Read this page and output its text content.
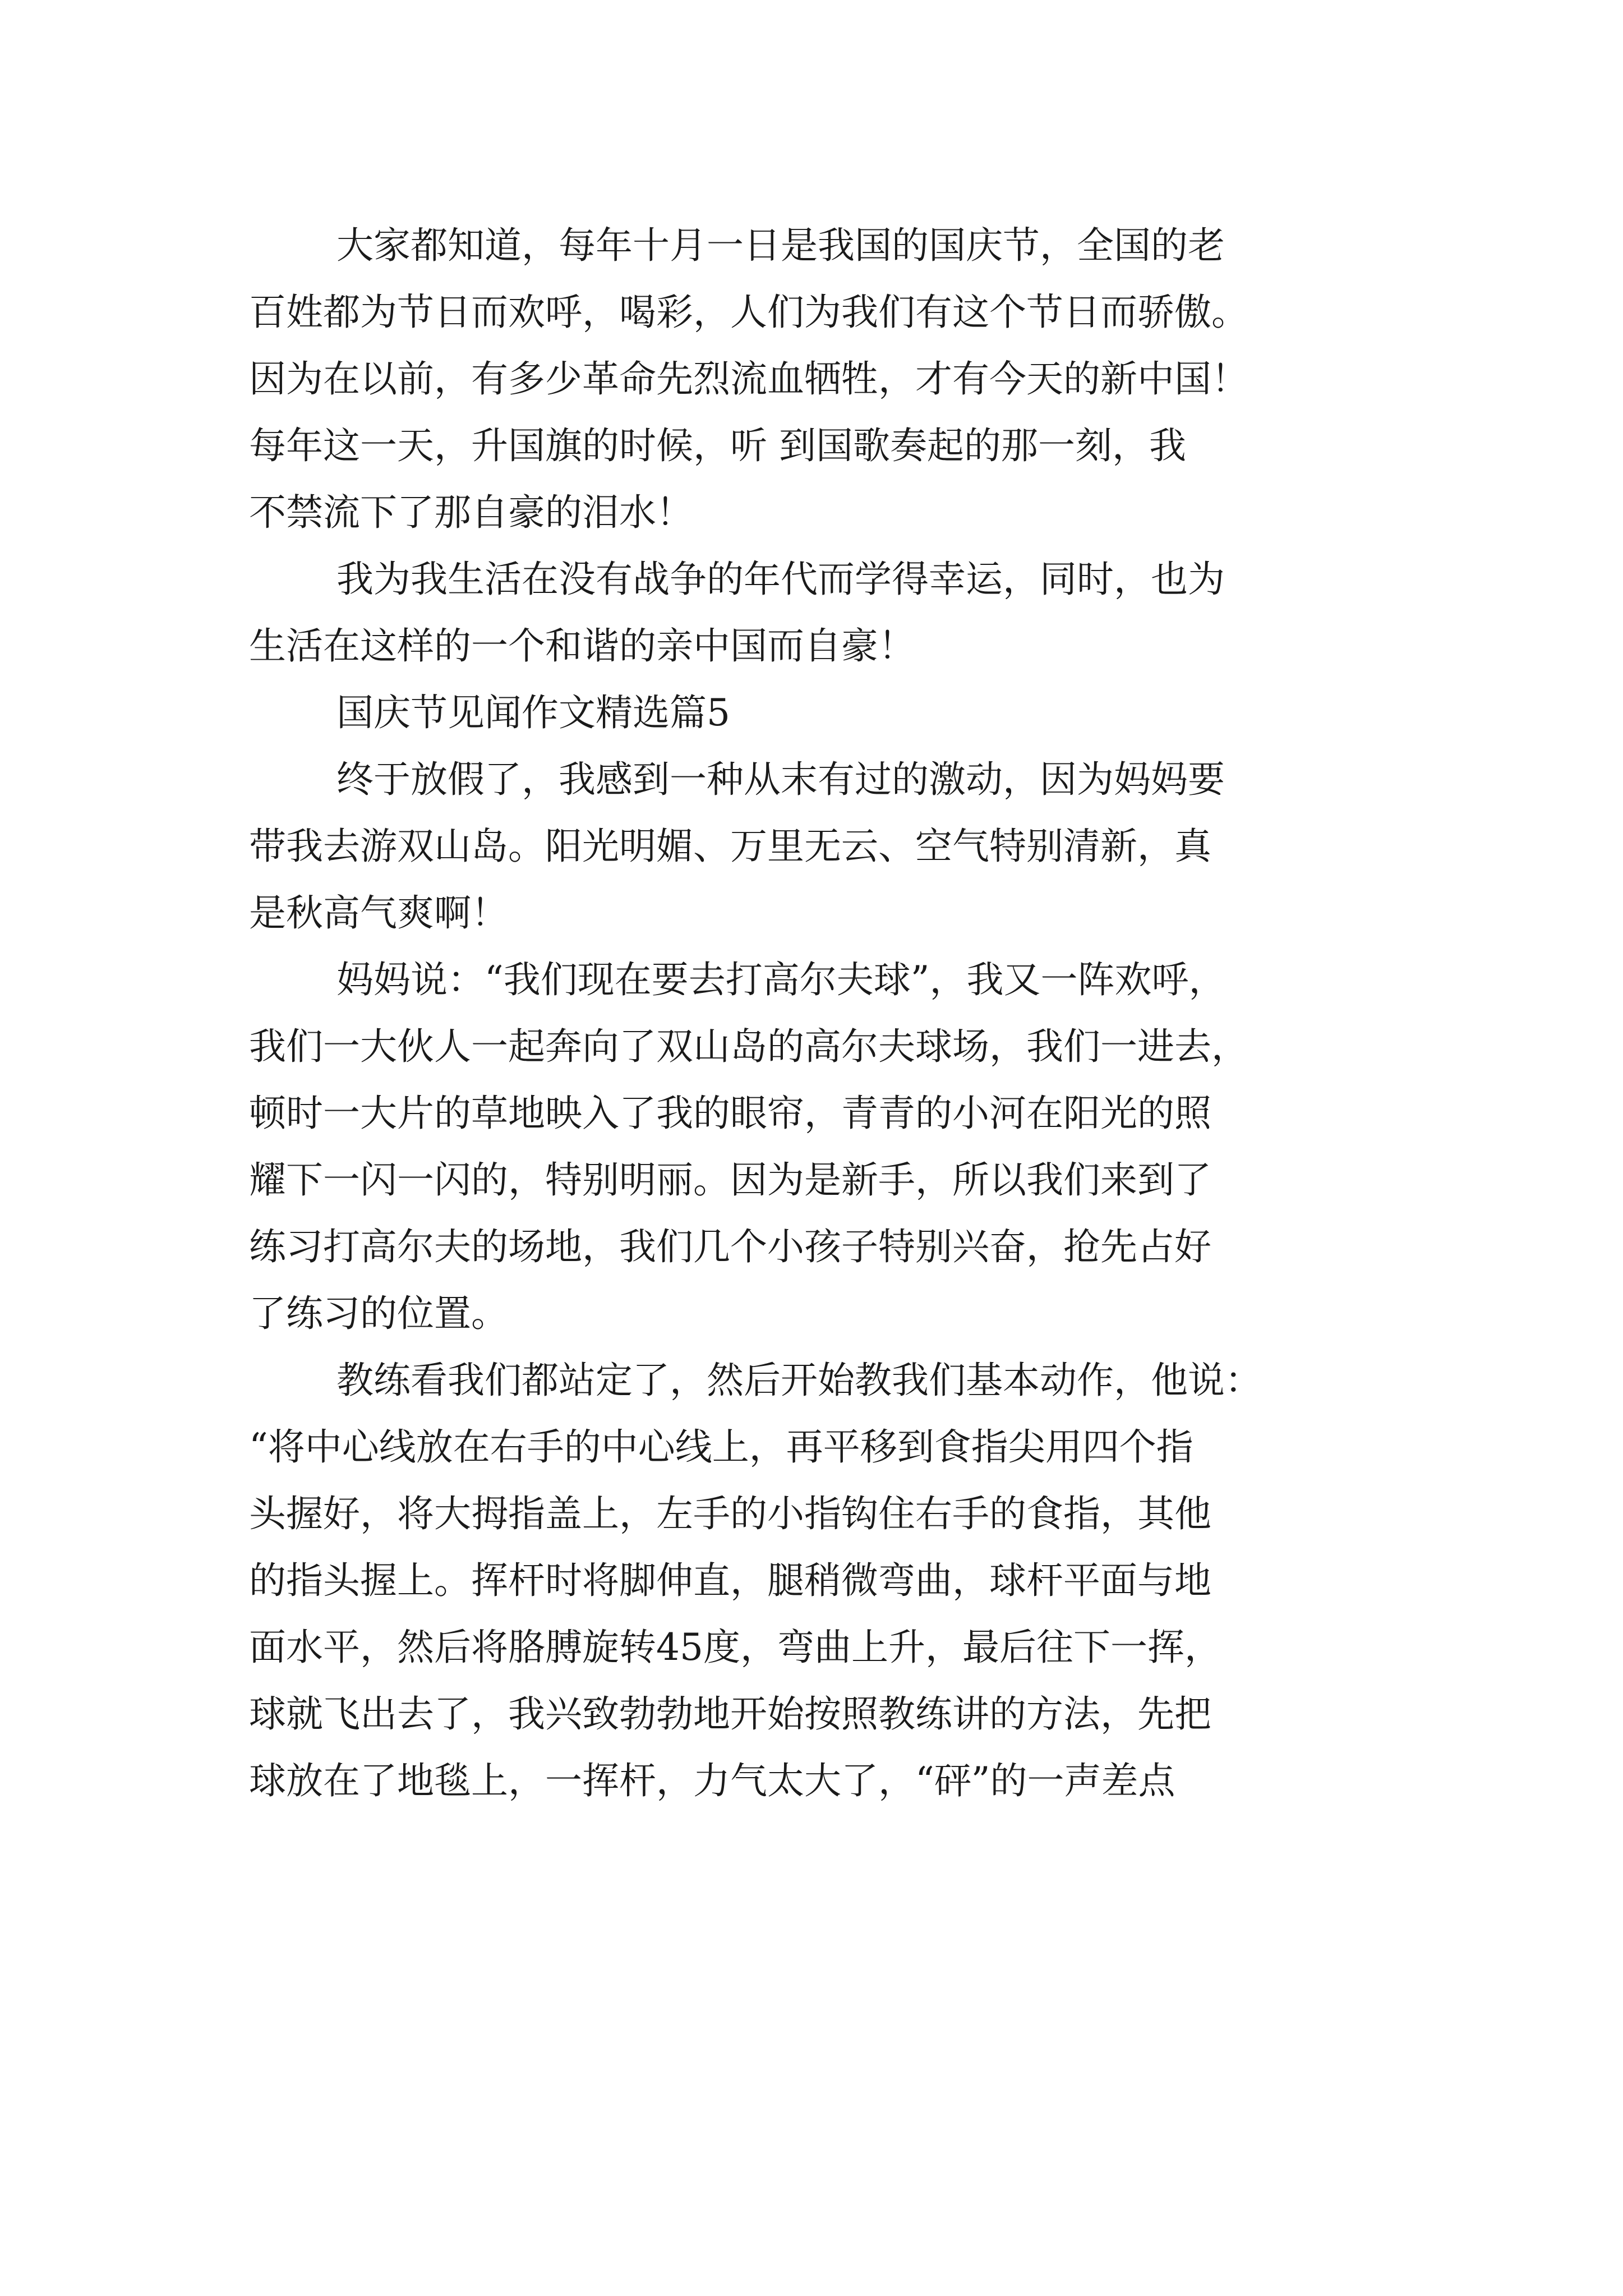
大家都知道，每年十月一日是我国的国庆节，全国的老

百姓都为节日而欢呼，喝彩，人们为我们有这个节日而骄傲。

因为在以前，有多少革命先烈流血牺牲，才有今天的新中国！

每年这一天，升国旗的时候，听 到国歌奏起的那一刻，我

不禁流下了那自豪的泪水！

我为我生活在没有战争的年代而学得幸运，同时，也为

生活在这样的一个和谐的亲中国而自豪！

国庆节见闻作文精选篇5

终于放假了，我感到一种从末有过的激动，因为妈妈要

带我去游双山岛。阳光明媚、万里无云、空气特别清新，真

是秋高气爽啊！

妈妈说：“我们现在要去打高尔夫球”，我又一阵欢呼，

我们一大伙人一起奔向了双山岛的高尔夫球场，我们一进去，

顿时一大片的草地映入了我的眼帘，青青的小河在阳光的照

耀下一闪一闪的，特别明丽。因为是新手，所以我们来到了

练习打高尔夫的场地，我们几个小孩子特别兴奋，抢先占好

了练习的位置。

教练看我们都站定了，然后开始教我们基本动作，他说：

“将中心线放在右手的中心线上，再平移到食指尖用四个指

头握好，将大拇指盖上，左手的小指钩住右手的食指，其他

的指头握上。挥杆时将脚伸直，腿稍微弯曲，球杆平面与地

面水平，然后将胳膊旋转45度，弯曲上升，最后往下一挥，

球就飞出去了，我兴致勃勃地开始按照教练讲的方法，先把

球放在了地毯上，一挥杆，力气太大了，“砰”的一声差点
